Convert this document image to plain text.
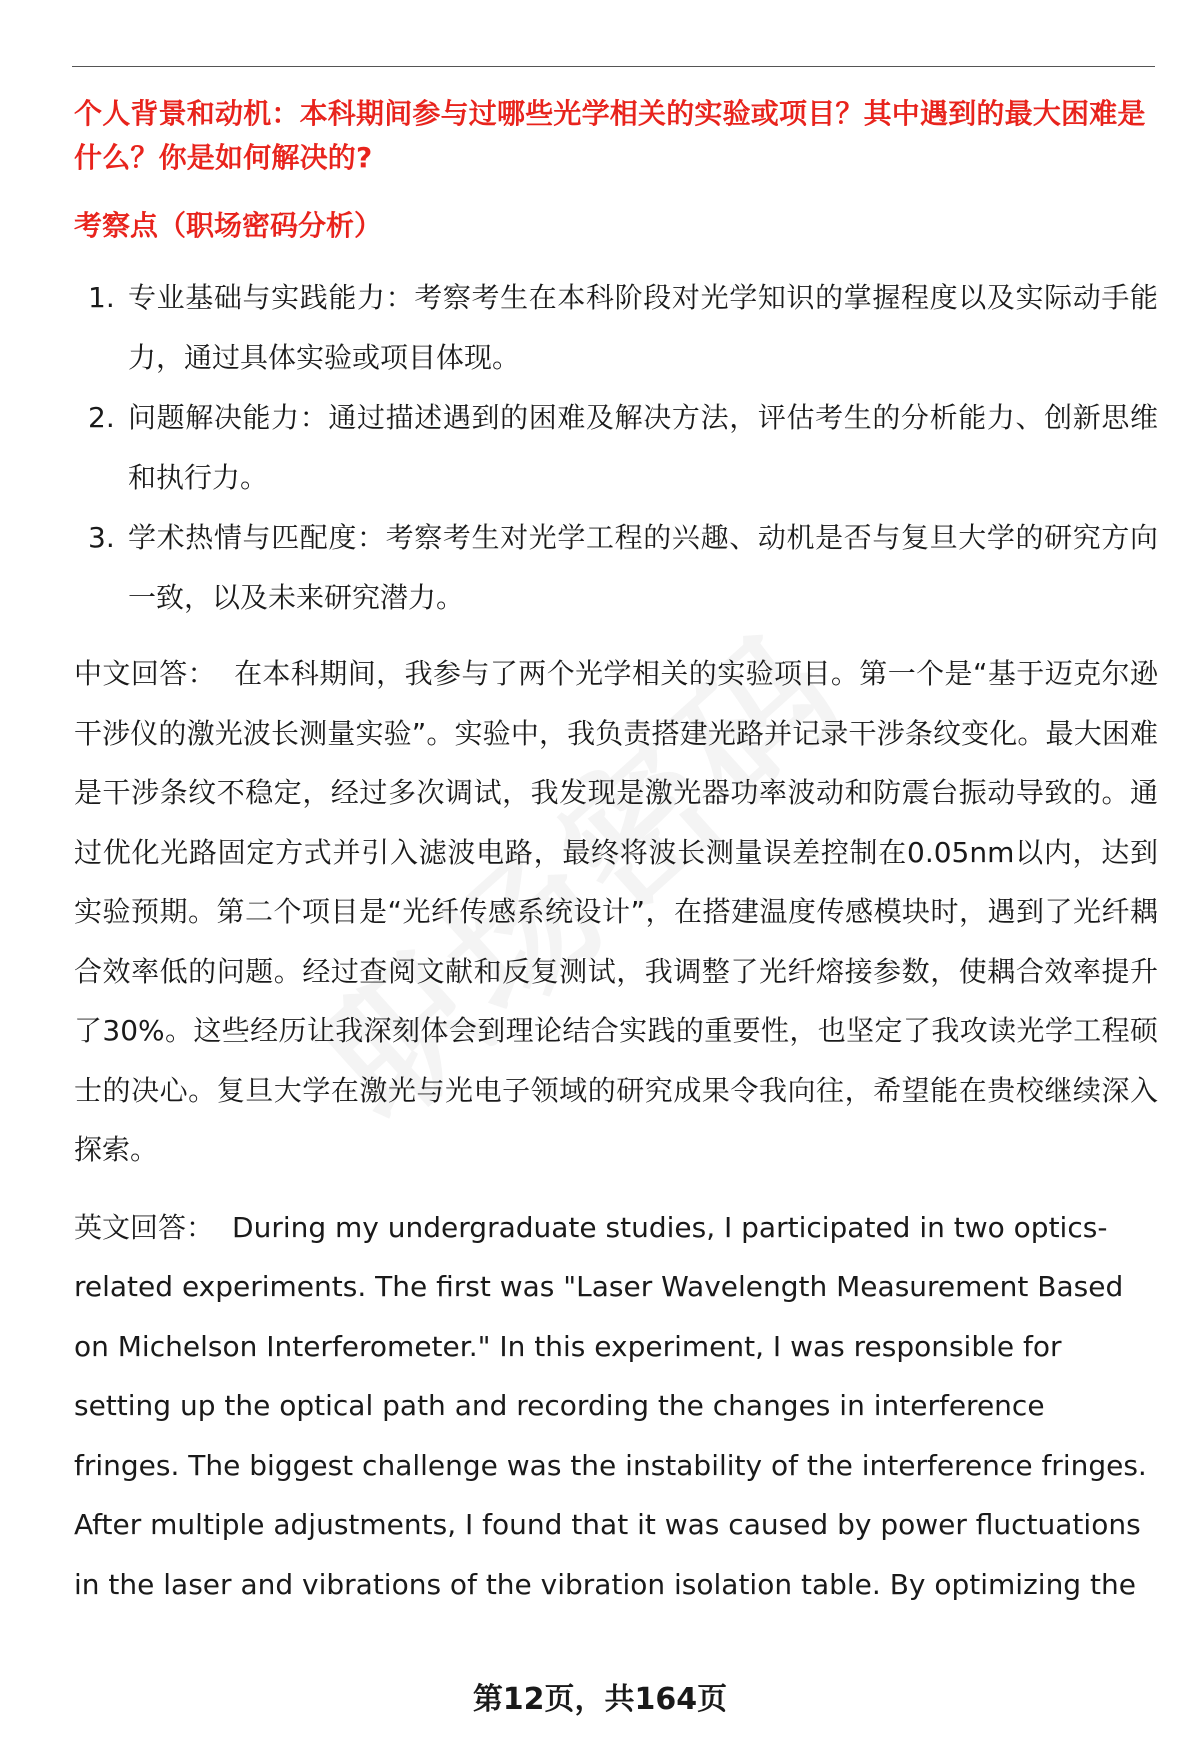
个人背景和动机：本科期间参与过哪些光学相关的实验或项目？其中遇到的最大困难是什么？你是如何解决的?

考察点（职场密码分析）

1. 专业基础与实践能力：考察考生在本科阶段对光学知识的掌握程度以及实际动手能力，通过具体实验或项目体现。
2. 问题解决能力：通过描述遇到的困难及解决方法，评估考生的分析能力、创新思维和执行力。
3. 学术热情与匹配度：考察考生对光学工程的兴趣、动机是否与复旦大学的研究方向一致，以及未来研究潜力。

中文回答： 在本科期间，我参与了两个光学相关的实验项目。第一个是“基于迈克尔逊干涉仪的激光波长测量实验”。实验中，我负责搭建光路并记录干涉条纹变化。最大困难是干涉条纹不稳定，经过多次调试，我发现是激光器功率波动和防震台振动导致的。通过优化光路固定方式并引入滤波电路，最终将波长测量误差控制在0.05nm以内，达到实验预期。第二个项目是“光纤传感系统设计”，在搭建温度传感模块时，遇到了光纤耦合效率低的问题。经过查阅文献和反复测试，我调整了光纤熔接参数，使耦合效率提升了30%。这些经历让我深刻体会到理论结合实践的重要性，也坚定了我攻读光学工程硕士的决心。复旦大学在激光与光电子领域的研究成果令我向往，希望能在贵校继续深入探索。

英文回答： During my undergraduate studies, I participated in two optics-related experiments. The first was "Laser Wavelength Measurement Based on Michelson Interferometer." In this experiment, I was responsible for setting up the optical path and recording the changes in interference fringes. The biggest challenge was the instability of the interference fringes. After multiple adjustments, I found that it was caused by power fluctuations in the laser and vibrations of the vibration isolation table. By optimizing the

第12页，共164页
